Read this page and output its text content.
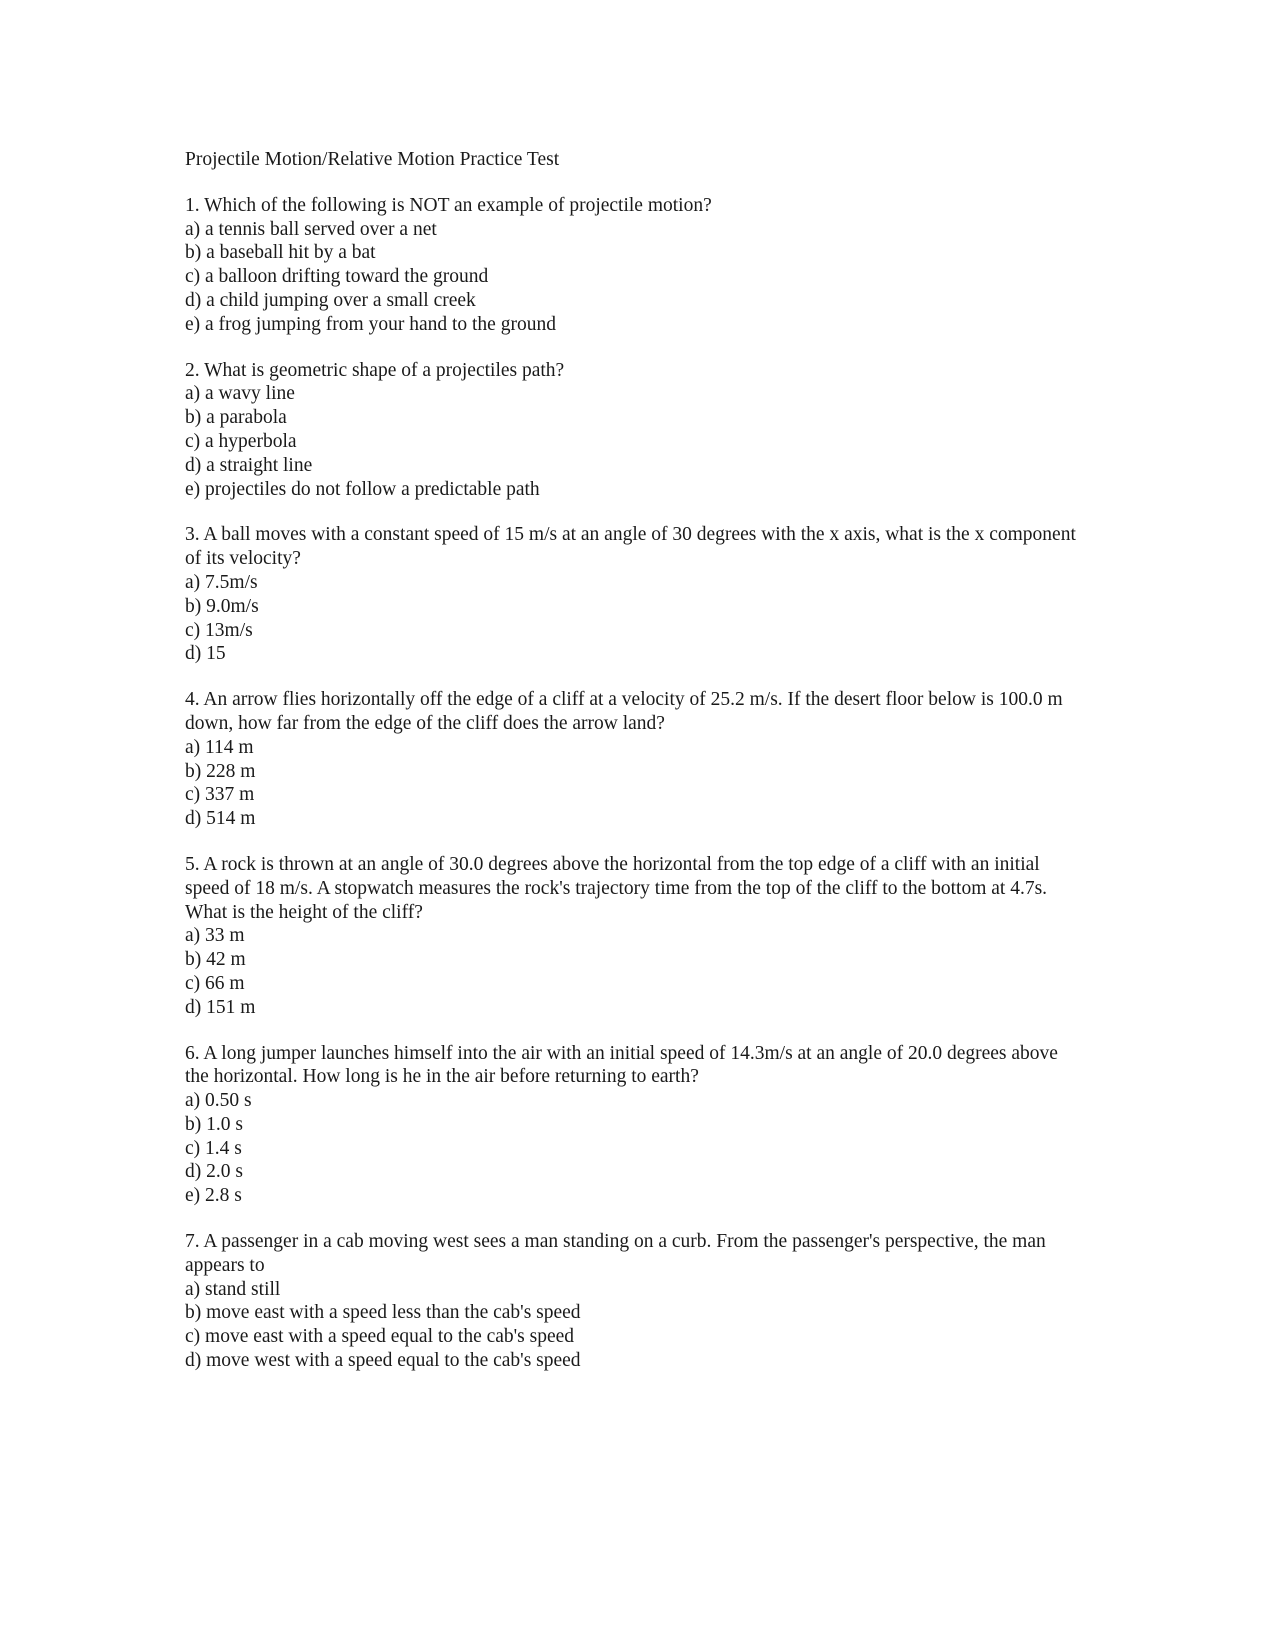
Projectile Motion/Relative Motion Practice Test
1. Which of the following is NOT an example of projectile motion?
a) a tennis ball served over a net
b) a baseball hit by a bat
c) a balloon drifting toward the ground
d) a child jumping over a small creek
e) a frog jumping from your hand to the ground
2. What is geometric shape of a projectiles path?
a) a wavy line
b) a parabola
c) a hyperbola
d) a straight line
e) projectiles do not follow a predictable path
3. A ball moves with a constant speed of 15 m/s at an angle of 30 degrees with the x axis, what is the x component of its velocity?
a) 7.5m/s
b) 9.0m/s
c) 13m/s
d) 15
4. An arrow flies horizontally off the edge of a cliff at a velocity of 25.2 m/s. If the desert floor below is 100.0 m down, how far from the edge of the cliff does the arrow land?
a) 114 m
b) 228 m
c) 337 m
d) 514 m
5. A rock is thrown at an angle of 30.0 degrees above the horizontal from the top edge of a cliff with an initial speed of 18 m/s. A stopwatch measures the rock's trajectory time from the top of the cliff to the bottom at 4.7s. What is the height of the cliff?
a) 33 m
b) 42 m
c) 66 m
d) 151 m
6. A long jumper launches himself into the air with an initial speed of 14.3m/s at an angle of 20.0 degrees above the horizontal. How long is he in the air before returning to earth?
a) 0.50 s
b) 1.0 s
c) 1.4 s
d) 2.0 s
e) 2.8 s
7. A passenger in a cab moving west sees a man standing on a curb. From the passenger's perspective, the man appears to
a) stand still
b) move east with a speed less than the cab's speed
c) move east with a speed equal to the cab's speed
d) move west with a speed equal to the cab's speed
